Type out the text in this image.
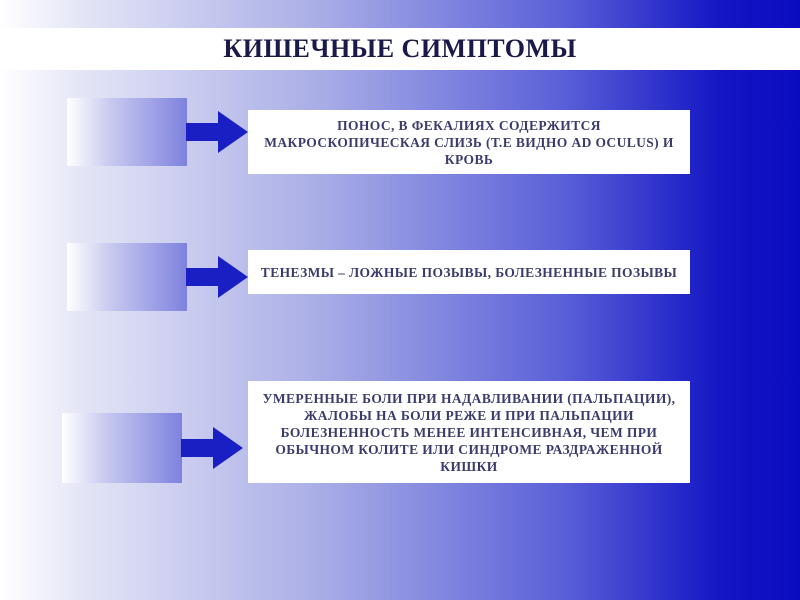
КИШЕЧНЫЕ СИМПТОМЫ
ПОНОС, В ФЕКАЛИЯХ СОДЕРЖИТСЯ МАКРОСКОПИЧЕСКАЯ СЛИЗЬ (Т.Е ВИДНО AD OCULUS) И КРОВЬ
ТЕНЕЗМЫ – ЛОЖНЫЕ ПОЗЫВЫ, БОЛЕЗНЕННЫЕ ПОЗЫВЫ
УМЕРЕННЫЕ БОЛИ ПРИ НАДАВЛИВАНИИ (ПАЛЬПАЦИИ), ЖАЛОБЫ НА БОЛИ РЕЖЕ И ПРИ ПАЛЬПАЦИИ БОЛЕЗНЕННОСТЬ МЕНЕЕ ИНТЕНСИВНАЯ, ЧЕМ ПРИ ОБЫЧНОМ КОЛИТЕ ИЛИ СИНДРОМЕ РАЗДРАЖЕННОЙ КИШКИ
